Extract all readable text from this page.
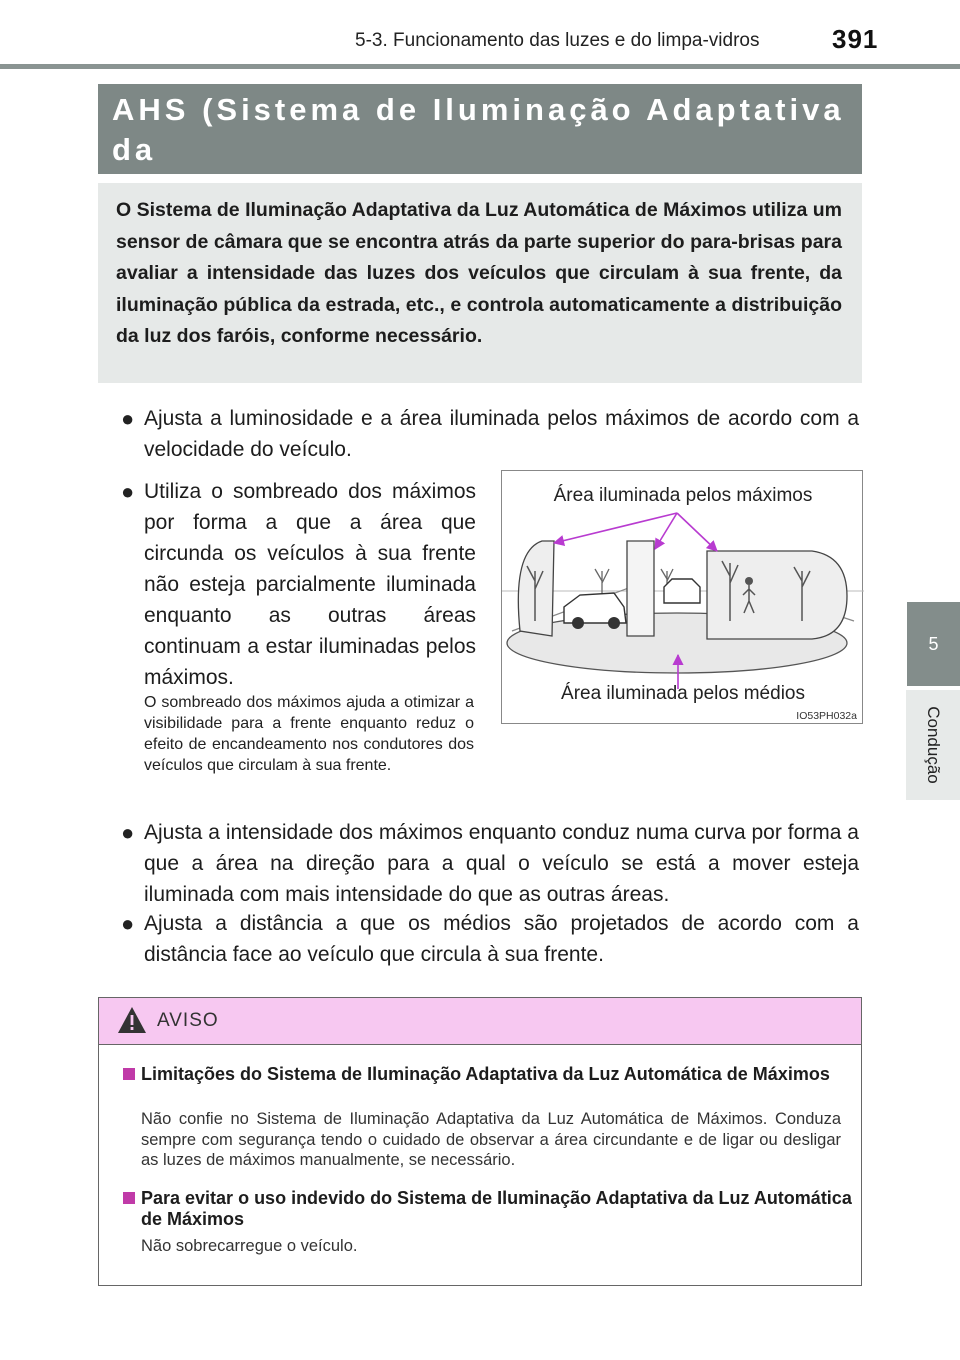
5-3. Funcionamento das luzes e do limpa-vidros	391
5
Condução
AHS (Sistema de Iluminação Adaptativa da
O Sistema de Iluminação Adaptativa da Luz Automática de Máximos utiliza um sensor de câmara que se encontra atrás da parte superior do para-brisas para avaliar a intensidade das luzes dos veículos que circulam à sua frente, da iluminação pública da estrada, etc., e controla automaticamente a distribuição da luz dos faróis, conforme necessário.
● Ajusta a luminosidade e a área iluminada pelos máximos de acordo com a velocidade do veículo.
● Utiliza o sombreado dos máximos por forma a que a área que circunda os veículos à sua frente não esteja parcialmente iluminada enquanto as outras áreas continuam a estar iluminadas pelos máximos.
O sombreado dos máximos ajuda a otimizar a visibilidade para a frente enquanto reduz o efeito de encandeamento nos condutores dos veículos que circulam à sua frente.
Área iluminada pelos máximos
Área iluminada pelos médios
IO53PH032a
● Ajusta a intensidade dos máximos enquanto conduz numa curva por forma a que a área na direção para a qual o veículo se está a mover esteja iluminada com mais intensidade do que as outras áreas.
● Ajusta a distância a que os médios são projetados de acordo com a distância face ao veículo que circula à sua frente.
AVISO
Limitações do Sistema de Iluminação Adaptativa da Luz Automática de Máximos
Não confie no Sistema de Iluminação Adaptativa da Luz Automática de Máximos. Conduza sempre com segurança tendo o cuidado de observar a área circundante e de ligar ou desligar as luzes de máximos manualmente, se necessário.
Para evitar o uso indevido do Sistema de Iluminação Adaptativa da Luz Automática de Máximos
Não sobrecarregue o veículo.
